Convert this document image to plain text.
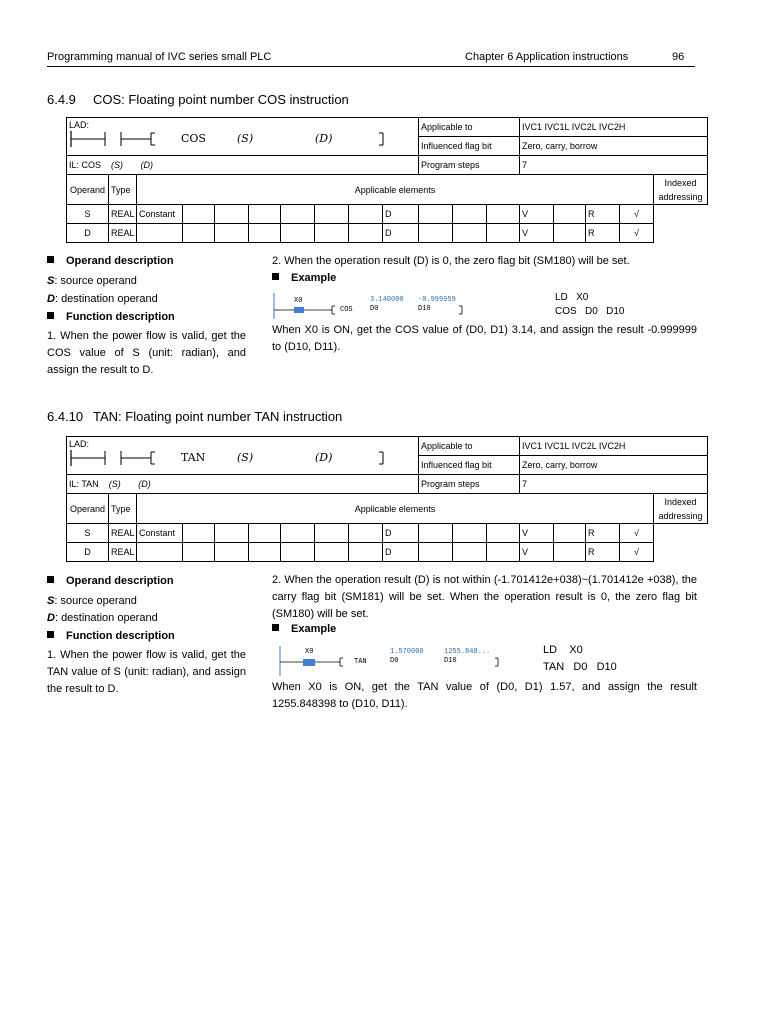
Programming manual of IVC series small PLC	Chapter 6 Application instructions	96
6.4.9 COS: Floating point number COS instruction
LAD:
COS (S) (D)										Applicable to			IVC1 IVC1L IVC2L IVC2H				
										Influenced flag bit			Zero, carry, borrow				
IL: COS (S) (D)										Program steps			7				
Operand	Type	Applicable elements															Indexed
addressing
S	REAL	Constant							D				V		R	√	
D	REAL								D				V		R	√	
Operand description
S: source operand
D: destination operand
Function description
1. When the power flow is valid, get the COS value of S (unit: radian), and assign the result to D.
2. When the operation result (D) is 0, the zero flag bit (SM180) will be set.
Example
X0	3.140000 -0.999959
COS D0	D10
LD   X0
COS   D0   D10
When X0 is ON, get the COS value of (D0, D1) 3.14, and assign the result -0.999999 to (D10, D11).
6.4.10 TAN: Floating point number TAN instruction
LAD:
TAN (S) (D)										Applicable to			IVC1 IVC1L IVC2L IVC2H				
										Influenced flag bit			Zero, carry, borrow				
IL: TAN (S) (D)										Program steps			7				
Operand	Type	Applicable elements															Indexed
addressing
S	REAL	Constant							D				V		R	√	
D	REAL								D				V		R	√	
Operand description
S: source operand
D: destination operand
Function description
1. When the power flow is valid, get the TAN value of S (unit: radian), and assign the result to D.
2. When the operation result (D) is not within (-1.701412e+038)~(1.701412e +038), the carry flag bit (SM181) will be set. When the operation result is 0, the zero flag bit (SM180) will be set.
Example
X0	1.570000	1255.848...
TAN	D0	D10
LD    X0
TAN   D0   D10
When X0 is ON, get the TAN value of (D0, D1) 1.57, and assign the result 1255.848398 to (D10, D11).
